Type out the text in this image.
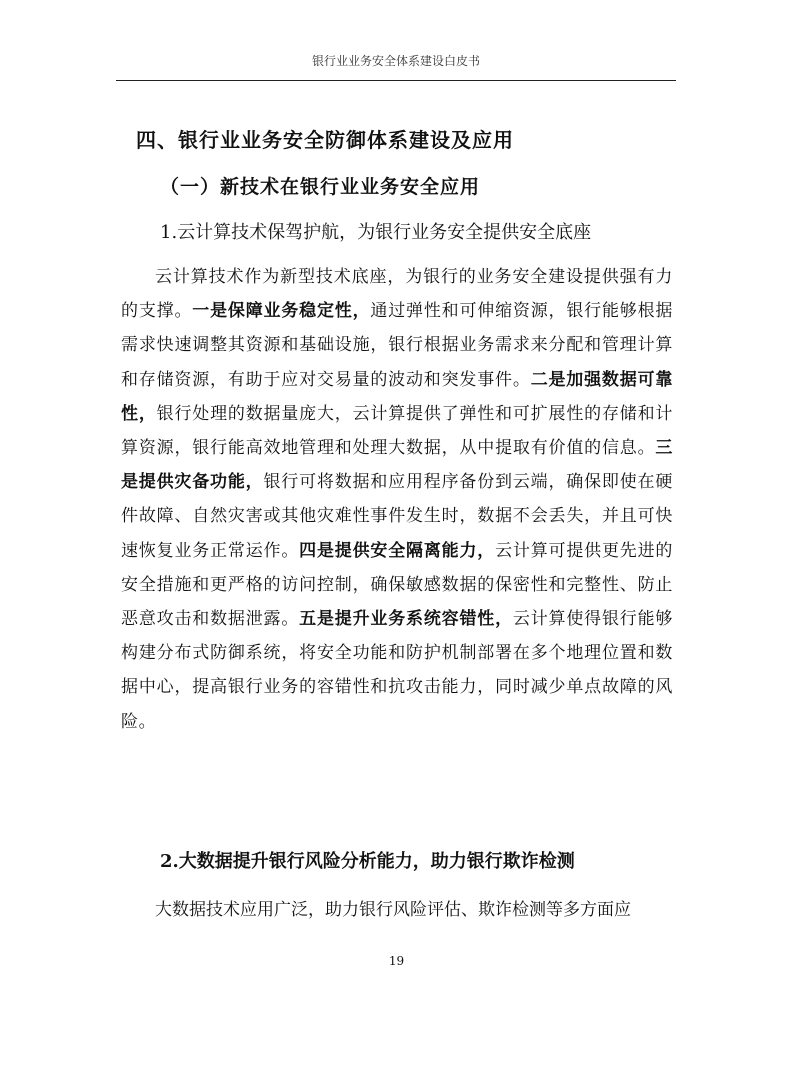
银行业业务安全体系建设白皮书
四、银行业业务安全防御体系建设及应用
（一）新技术在银行业业务安全应用
1.云计算技术保驾护航，为银行业务安全提供安全底座
云计算技术作为新型技术底座，为银行的业务安全建设提供强有力的支撑。一是保障业务稳定性，通过弹性和可伸缩资源，银行能够根据需求快速调整其资源和基础设施，银行根据业务需求来分配和管理计算和存储资源，有助于应对交易量的波动和突发事件。二是加强数据可靠性，银行处理的数据量庞大，云计算提供了弹性和可扩展性的存储和计算资源，银行能高效地管理和处理大数据，从中提取有价值的信息。三是提供灾备功能，银行可将数据和应用程序备份到云端，确保即使在硬件故障、自然灾害或其他灾难性事件发生时，数据不会丢失，并且可快速恢复业务正常运作。四是提供安全隔离能力，云计算可提供更先进的安全措施和更严格的访问控制，确保敏感数据的保密性和完整性、防止恶意攻击和数据泄露。五是提升业务系统容错性，云计算使得银行能够构建分布式防御系统，将安全功能和防护机制部署在多个地理位置和数据中心，提高银行业务的容错性和抗攻击能力，同时减少单点故障的风险。
2.大数据提升银行风险分析能力，助力银行欺诈检测
大数据技术应用广泛，助力银行风险评估、欺诈检测等多方面应
19
